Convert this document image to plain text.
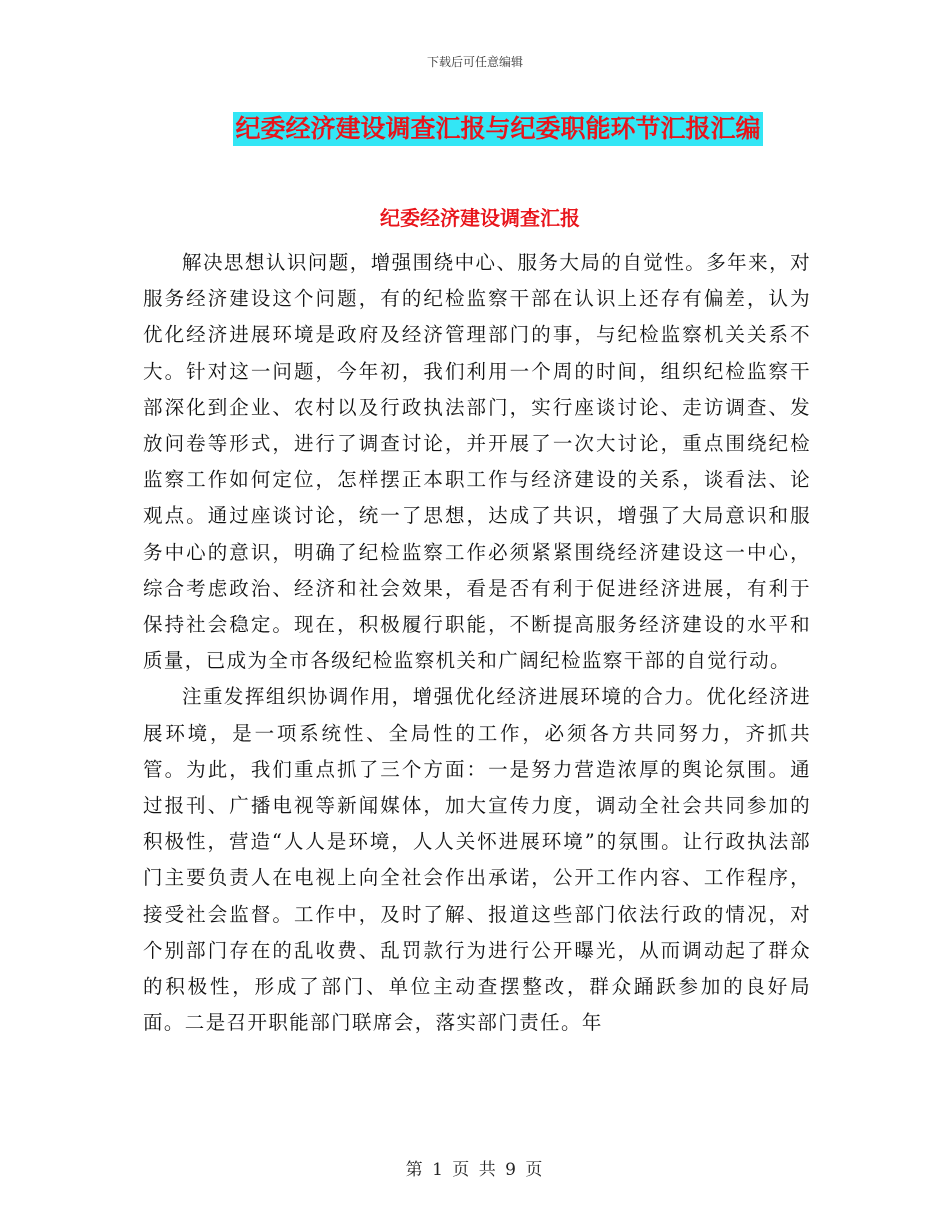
下载后可任意编辑
纪委经济建设调查汇报与纪委职能环节汇报汇编
纪委经济建设调查汇报

解决思想认识问题，增强围绕中心、服务大局的自觉性。多年来，对服务经济建设这个问题，有的纪检监察干部在认识上还存有偏差，认为优化经济进展环境是政府及经济管理部门的事，与纪检监察机关关系不大。针对这一问题，今年初，我们利用一个周的时间，组织纪检监察干部深化到企业、农村以及行政执法部门，实行座谈讨论、走访调查、发放问卷等形式，进行了调查讨论，并开展了一次大讨论，重点围绕纪检监察工作如何定位，怎样摆正本职工作与经济建设的关系，谈看法、论观点。通过座谈讨论，统一了思想，达成了共识，增强了大局意识和服务中心的意识，明确了纪检监察工作必须紧紧围绕经济建设这一中心，综合考虑政治、经济和社会效果，看是否有利于促进经济进展，有利于保持社会稳定。现在，积极履行职能，不断提高服务经济建设的水平和质量，已成为全市各级纪检监察机关和广阔纪检监察干部的自觉行动。

注重发挥组织协调作用，增强优化经济进展环境的合力。优化经济进展环境，是一项系统性、全局性的工作，必须各方共同努力，齐抓共管。为此，我们重点抓了三个方面：一是努力营造浓厚的舆论氛围。通过报刊、广播电视等新闻媒体，加大宣传力度，调动全社会共同参加的积极性，营造“人人是环境，人人关怀进展环境”的氛围。让行政执法部门主要负责人在电视上向全社会作出承诺，公开工作内容、工作程序，接受社会监督。工作中，及时了解、报道这些部门依法行政的情况，对个别部门存在的乱收费、乱罚款行为进行公开曝光，从而调动起了群众的积极性，形成了部门、单位主动查摆整改，群众踊跃参加的良好局面。二是召开职能部门联席会，落实部门责任。年

第 1 页 共 9 页
